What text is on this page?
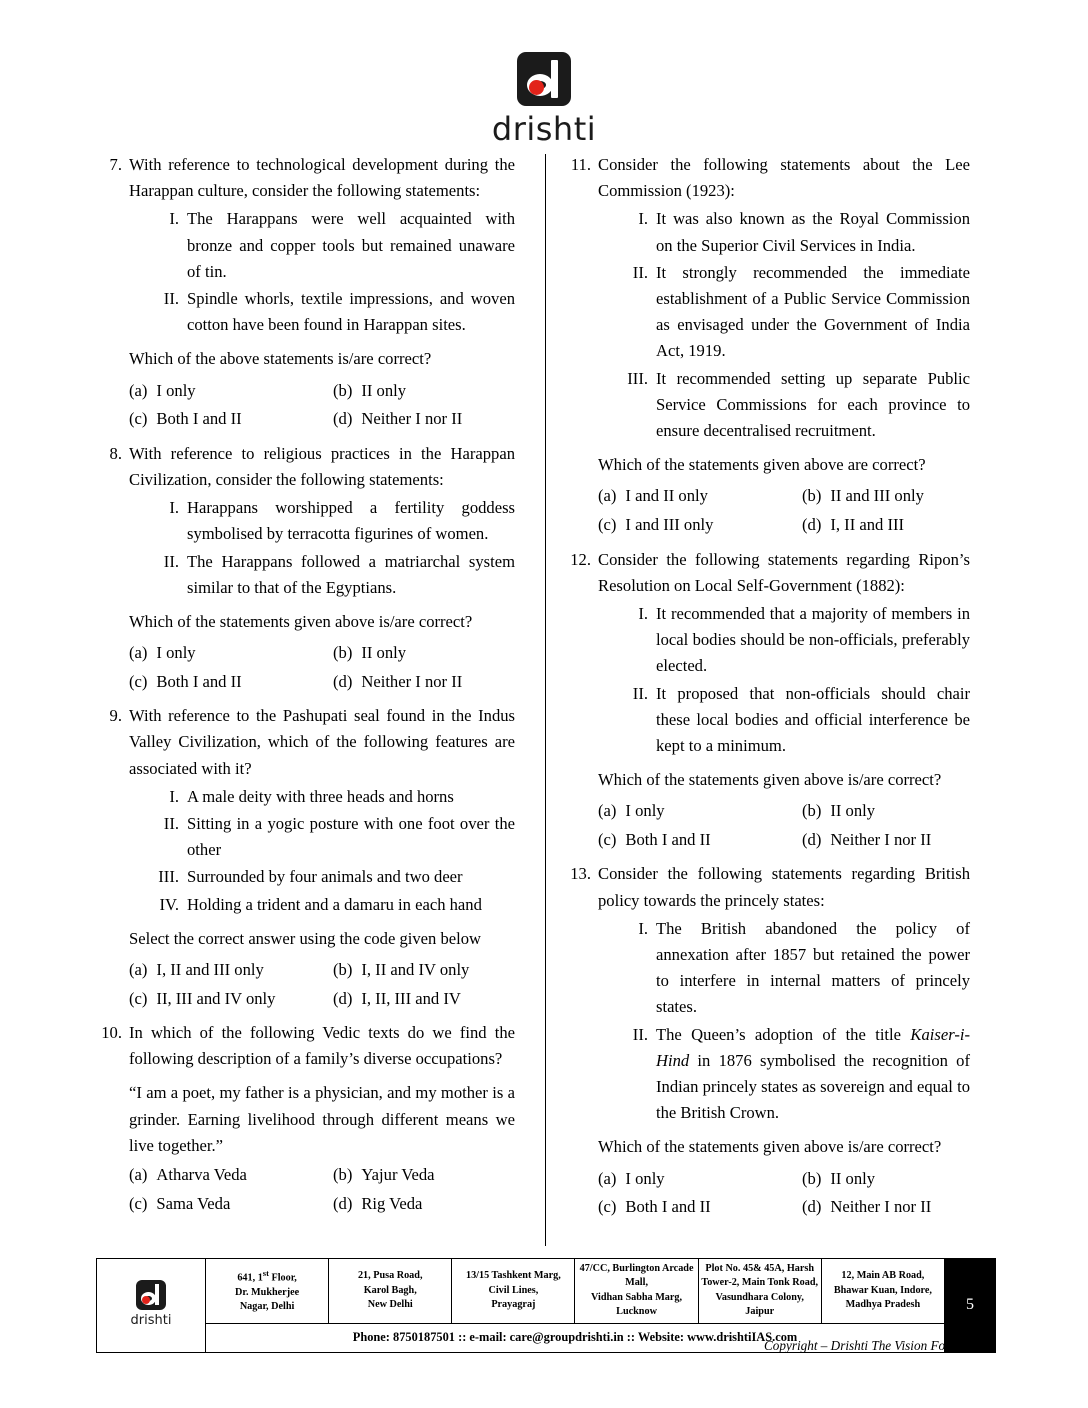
drishti
7. With reference to technological development during the Harappan culture, consider the following statements:
I. The Harappans were well acquainted with bronze and copper tools but remained unaware of tin.
II. Spindle whorls, textile impressions, and woven cotton have been found in Harappan sites.
Which of the above statements is/are correct?
(a) I only	(b) II only
(c) Both I and II	(d) Neither I nor II
8. With reference to religious practices in the Harappan Civilization, consider the following statements:
I. Harappans worshipped a fertility goddess symbolised by terracotta figurines of women.
II. The Harappans followed a matriarchal system similar to that of the Egyptians.
Which of the statements given above is/are correct?
(a) I only	(b) II only
(c) Both I and II	(d) Neither I nor II
9. With reference to the Pashupati seal found in the Indus Valley Civilization, which of the following features are associated with it?
I. A male deity with three heads and horns
II. Sitting in a yogic posture with one foot over the other
III. Surrounded by four animals and two deer
IV. Holding a trident and a damaru in each hand
Select the correct answer using the code given below
(a) I, II and III only	(b) I, II and IV only
(c) II, III and IV only	(d) I, II, III and IV
10. In which of the following Vedic texts do we find the following description of a family’s diverse occupations?
“I am a poet, my father is a physician, and my mother is a grinder. Earning livelihood through different means we live together.”
(a) Atharva Veda	(b) Yajur Veda
(c) Sama Veda	(d) Rig Veda
11. Consider the following statements about the Lee Commission (1923):
I. It was also known as the Royal Commission on the Superior Civil Services in India.
II. It strongly recommended the immediate establishment of a Public Service Commission as envisaged under the Government of India Act, 1919.
III. It recommended setting up separate Public Service Commissions for each province to ensure decentralised recruitment.
Which of the statements given above are correct?
(a) I and II only	(b) II and III only
(c) I and III only	(d) I, II and III
12. Consider the following statements regarding Ripon’s Resolution on Local Self-Government (1882):
I. It recommended that a majority of members in local bodies should be non-officials, preferably elected.
II. It proposed that non-officials should chair these local bodies and official interference be kept to a minimum.
Which of the statements given above is/are correct?
(a) I only	(b) II only
(c) Both I and II	(d) Neither I nor II
13. Consider the following statements regarding British policy towards the princely states:
I. The British abandoned the policy of annexation after 1857 but retained the power to interfere in internal matters of princely states.
II. The Queen’s adoption of the title Kaiser-i-Hind in 1876 symbolised the recognition of Indian princely states as sovereign and equal to the British Crown.
Which of the statements given above is/are correct?
(a) I only	(b) II only
(c) Both I and II	(d) Neither I nor II
drishti
	641, 1st Floor,
Dr. Mukherjee
Nagar, Delhi	21, Pusa Road,
Karol Bagh,
New Delhi	13/15 Tashkent Marg,
Civil Lines,
Prayagraj	47/CC, Burlington Arcade Mall,
Vidhan Sabha Marg,
Lucknow	Plot No. 45& 45A, Harsh
Tower-2, Main Tonk Road,
Vasundhara Colony, Jaipur	12, Main AB Road,
Bhawar Kuan, Indore,
Madhya Pradesh	5
Phone: 8750187501 :: e-mail: care@groupdrishti.in :: Website: www.drishtiIAS.com
Copyright – Drishti The Vision Foundation
